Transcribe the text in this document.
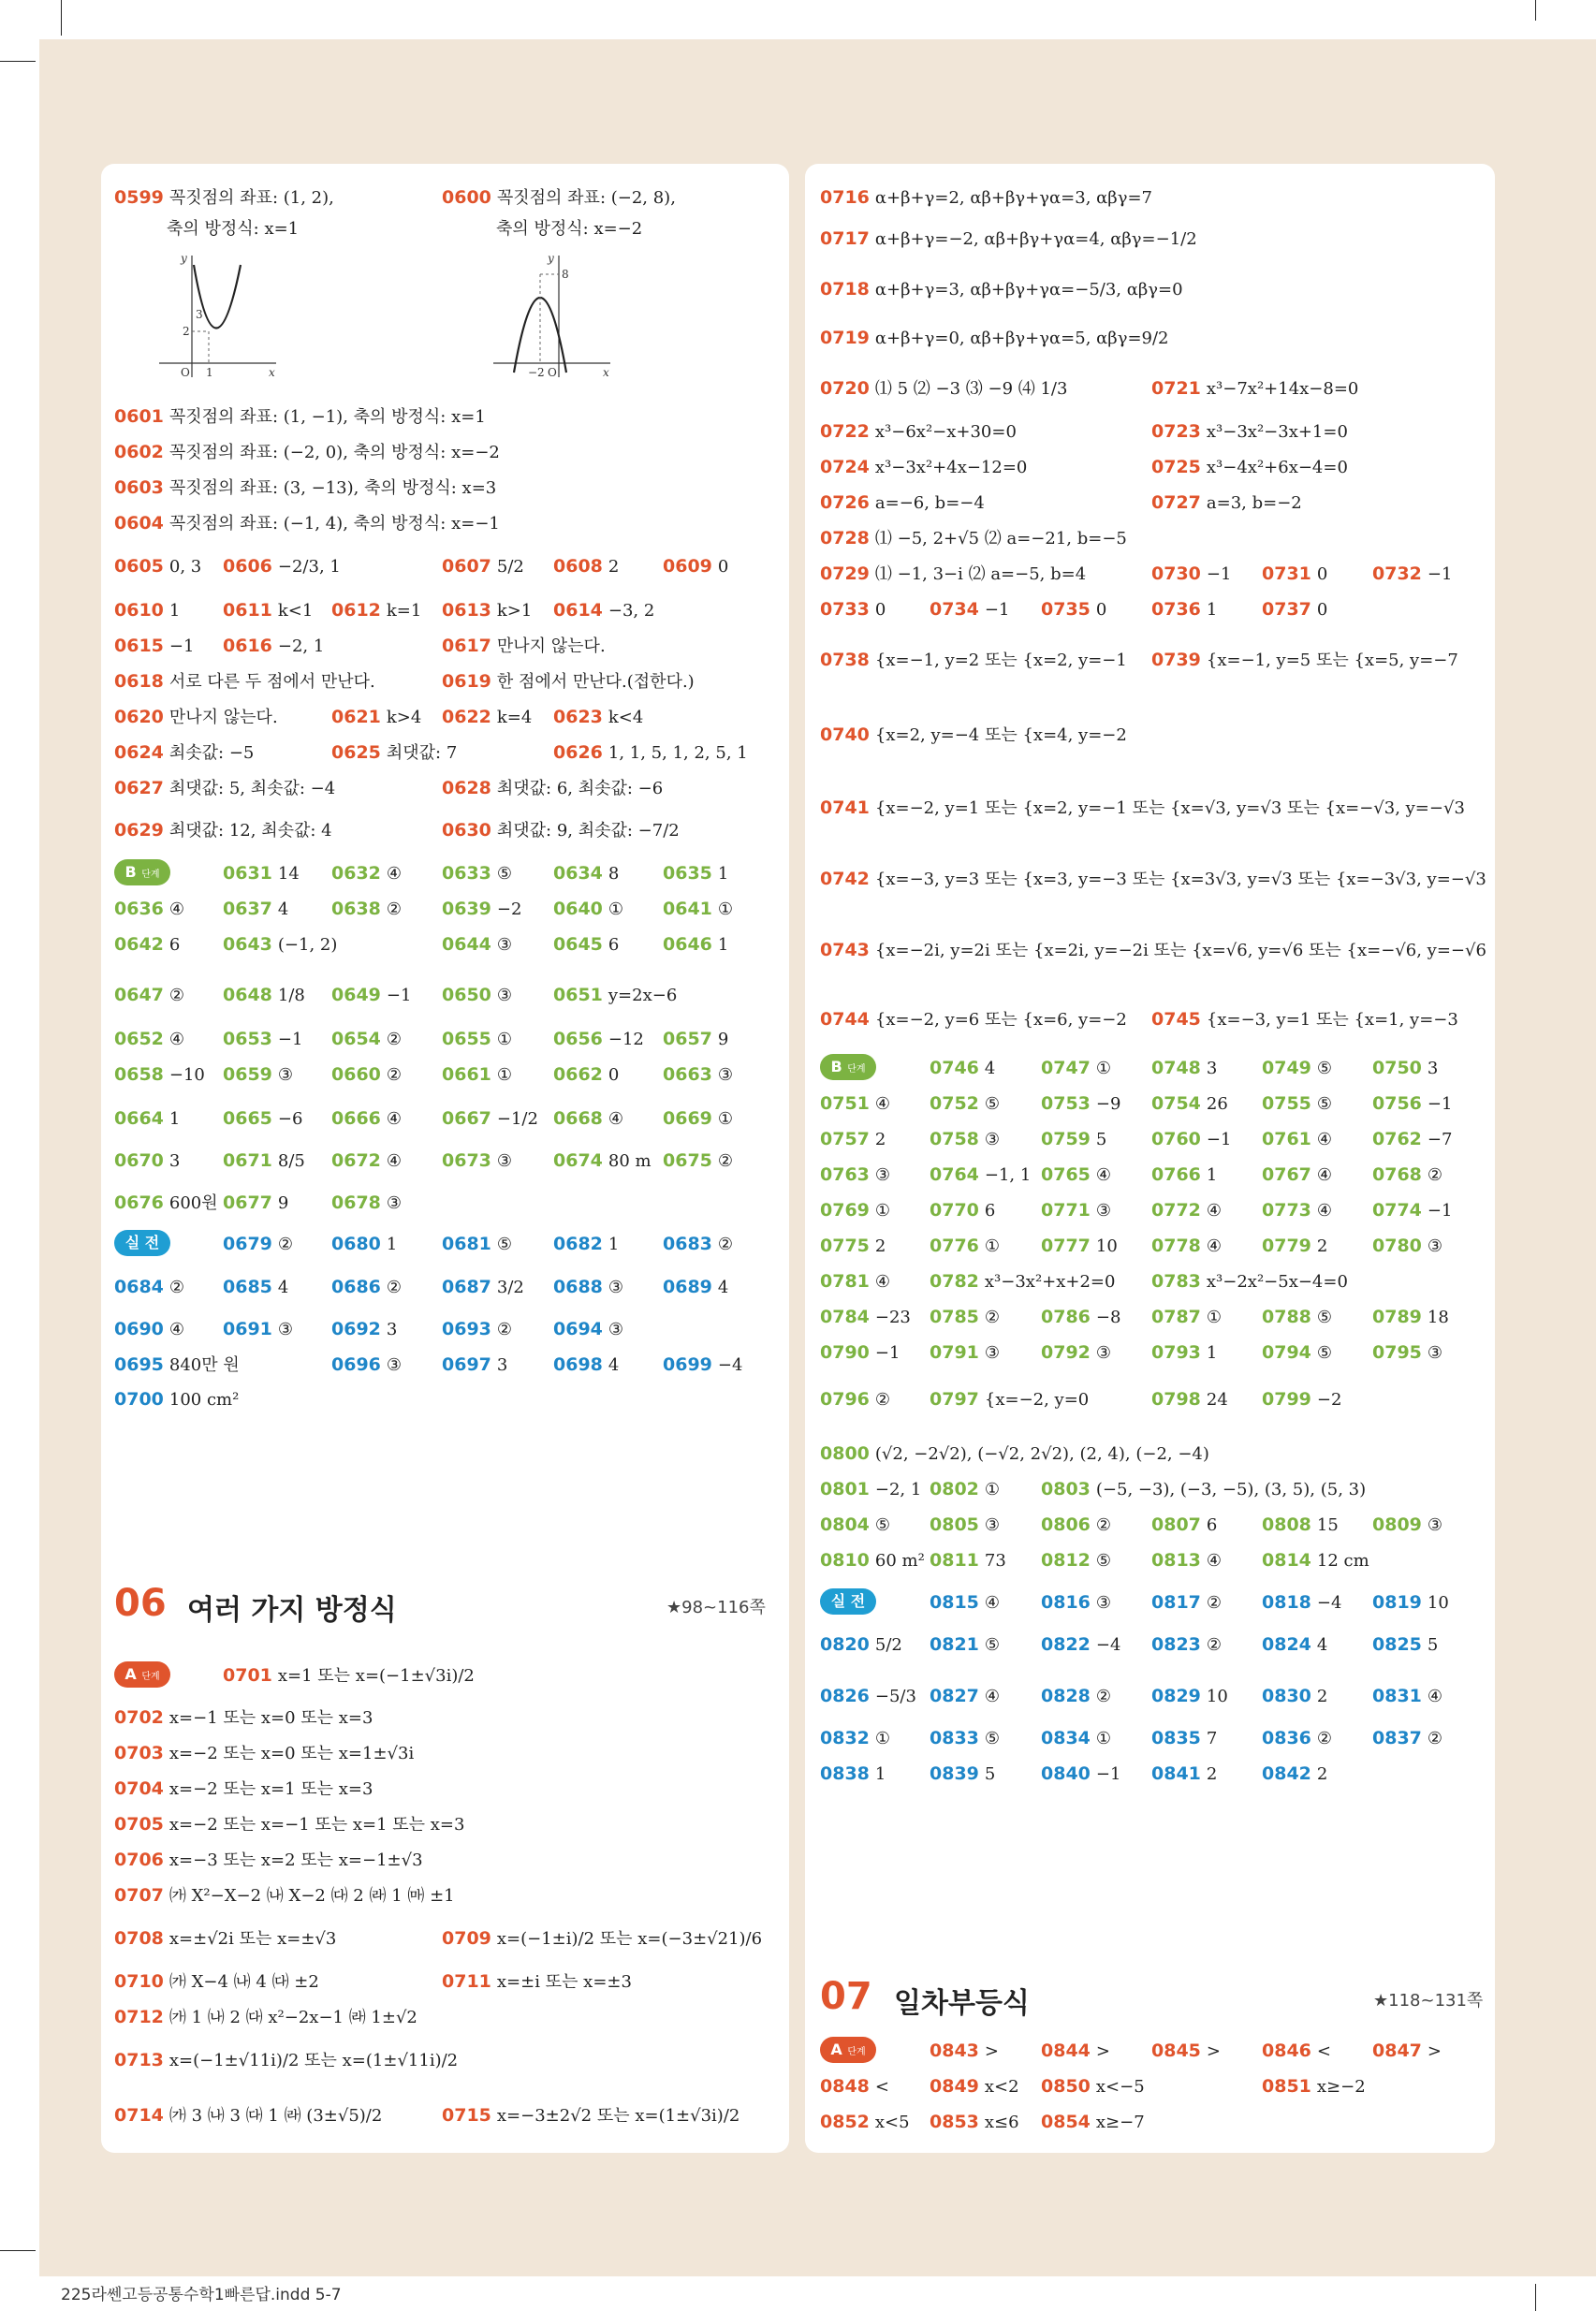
y
x
O 1
2
3
y
x
O
−2
8
06 여러 가지 방정식	★98~116쪽
07 일차부등식	★118~131쪽
B 단계
실 전
A 단계
B 단계
실 전
A 단계
0599 꼭짓점의 좌표: (1, 2),
축의 방정식: x=1
0600 꼭짓점의 좌표: (−2, 8),
축의 방정식: x=−2
0601 꼭짓점의 좌표: (1, −1), 축의 방정식: x=1
0602 꼭짓점의 좌표: (−2, 0), 축의 방정식: x=−2
0603 꼭짓점의 좌표: (3, −13), 축의 방정식: x=3
0604 꼭짓점의 좌표: (−1, 4), 축의 방정식: x=−1
0605 0, 3 0606 −2/3, 1	0607 5/2 0608 2 0609 0
0610 1 0611 k<1 0612 k=1 0613 k>1 0614 −3, 2
0615 −1 0616 −2, 1	0617 만나지 않는다.
0618 서로 다른 두 점에서 만난다.	0619 한 점에서 만난다.(접한다.)
0620 만나지 않는다.	0621 k>4 0622 k=4 0623 k<4
0624 최솟값: −5	0625 최댓값: 7	0626 1, 1, 5, 1, 2, 5, 1
0627 최댓값: 5, 최솟값: −4	0628 최댓값: 6, 최솟값: −6
0629 최댓값: 12, 최솟값: 4	0630 최댓값: 9, 최솟값: −7/2
0631 14 0632 ④ 0633 ⑤ 0634 8 0635 1
0636 ④ 0637 4 0638 ② 0639 −2 0640 ① 0641 ①
0642 6 0643 (−1, 2)	0644 ③ 0645 6 0646 1
0647 ② 0648 1/8 0649 −1 0650 ③ 0651 y=2x−6
0652 ④ 0653 −1 0654 ② 0655 ① 0656 −12 0657 9
0658 −10 0659 ③ 0660 ② 0661 ① 0662 0 0663 ③
0664 1 0665 −6 0666 ④ 0667 −1/2 0668 ④ 0669 ①
0670 3 0671 8/5 0672 ④ 0673 ③ 0674 80 m 0675 ②
0676 600원 0677 9 0678 ③
0679 ② 0680 1	0681 ⑤ 0682 1 0683 ②
0684 ② 0685 4 0686 ② 0687 3/2 0688 ③ 0689 4
0690 ④ 0691 ③ 0692 3	0693 ② 0694 ③
0695 840만 원	0696 ③ 0697 3	0698 4 0699 −4
0700 100 cm²
0701 x=1 또는 x=(−1±√3i)/2
0702 x=−1 또는 x=0 또는 x=3
0703 x=−2 또는 x=0 또는 x=1±√3i
0704 x=−2 또는 x=1 또는 x=3
0705 x=−2 또는 x=−1 또는 x=1 또는 x=3
0706 x=−3 또는 x=2 또는 x=−1±√3
0707 ㈎ X²−X−2 ㈏ X−2 ㈐ 2 ㈑ 1 ㈒ ±1
0708 x=±√2i 또는 x=±√3	0709 x=(−1±i)/2 또는 x=(−3±√21)/6
0710 ㈎ X−4 ㈏ 4 ㈐ ±2	0711 x=±i 또는 x=±3
0712 ㈎ 1 ㈏ 2 ㈐ x²−2x−1 ㈑ 1±√2
0713 x=(−1±√11i)/2 또는 x=(1±√11i)/2
0714 ㈎ 3 ㈏ 3 ㈐ 1 ㈑ (3±√5)/2	0715 x=−3±2√2 또는 x=(1±√3i)/2
0716 α+β+γ=2, αβ+βγ+γα=3, αβγ=7
0717 α+β+γ=−2, αβ+βγ+γα=4, αβγ=−1/2
0718 α+β+γ=3, αβ+βγ+γα=−5/3, αβγ=0
0719 α+β+γ=0, αβ+βγ+γα=5, αβγ=9/2
0720 ⑴ 5 ⑵ −3 ⑶ −9 ⑷ 1/3	0721 x³−7x²+14x−8=0
0722 x³−6x²−x+30=0	0723 x³−3x²−3x+1=0
0724 x³−3x²+4x−12=0	0725 x³−4x²+6x−4=0
0726 a=−6, b=−4	0727 a=3, b=−2
0728 ⑴ −5, 2+√5 ⑵ a=−21, b=−5
0729 ⑴ −1, 3−i ⑵ a=−5, b=4	0730 −1 0731 0	0732 −1
0733 0 0734 −1 0735 0	0736 1	0737 0
0738 {x=−1, y=2 또는 {x=2, y=−1 0739 {x=−1, y=5 또는 {x=5, y=−7
0740 {x=2, y=−4 또는 {x=4, y=−2
0741 {x=−2, y=1 또는 {x=2, y=−1 또는 {x=√3, y=√3 또는 {x=−√3, y=−√3
0742 {x=−3, y=3 또는 {x=3, y=−3 또는 {x=3√3, y=√3 또는 {x=−3√3, y=−√3
0743 {x=−2i, y=2i 또는 {x=2i, y=−2i 또는 {x=√6, y=√6 또는 {x=−√6, y=−√6
0744 {x=−2, y=6 또는 {x=6, y=−2 0745 {x=−3, y=1 또는 {x=1, y=−3
0746 4	0747 ① 0748 3	0749 ⑤ 0750 3
0751 ④ 0752 ⑤ 0753 −9 0754 26 0755 ⑤ 0756 −1
0757 2 0758 ③ 0759 5	0760 −1 0761 ④ 0762 −7
0763 ③ 0764 −1, 1 0765 ④ 0766 1	0767 ④ 0768 ②
0769 ① 0770 6	0771 ③ 0772 ④ 0773 ④ 0774 −1
0775 2 0776 ① 0777 10 0778 ④ 0779 2	0780 ③
0781 ④ 0782 x³−3x²+x+2=0 0783 x³−2x²−5x−4=0
0784 −23 0785 ② 0786 −8 0787 ① 0788 ⑤ 0789 18
0790 −1 0791 ③ 0792 ③ 0793 1	0794 ⑤ 0795 ③
0796 ② 0797 {x=−2, y=0	0798 24 0799 −2
0800 (√2, −2√2), (−√2, 2√2), (2, 4), (−2, −4)
0801 −2, 1 0802 ① 0803 (−5, −3), (−3, −5), (3, 5), (5, 3)
0804 ⑤ 0805 ③ 0806 ② 0807 6	0808 15 0809 ③
0810 60 m² 0811 73 0812 ⑤ 0813 ④ 0814 12 cm
0815 ④ 0816 ③ 0817 ② 0818 −4 0819 10
0820 5/2 0821 ⑤ 0822 −4 0823 ② 0824 4	0825 5
0826 −5/3 0827 ④ 0828 ② 0829 10 0830 2	0831 ④
0832 ① 0833 ⑤ 0834 ① 0835 7	0836 ② 0837 ②
0838 1 0839 5	0840 −1 0841 2	0842 2
0843 > 0844 > 0845 > 0846 < 0847 >
0848 < 0849 x<2 0850 x<−5	0851 x≥−2
0852 x<5 0853 x≤6 0854 x≥−7
225라쎈고등공통수학1빠른답.indd 5-7
